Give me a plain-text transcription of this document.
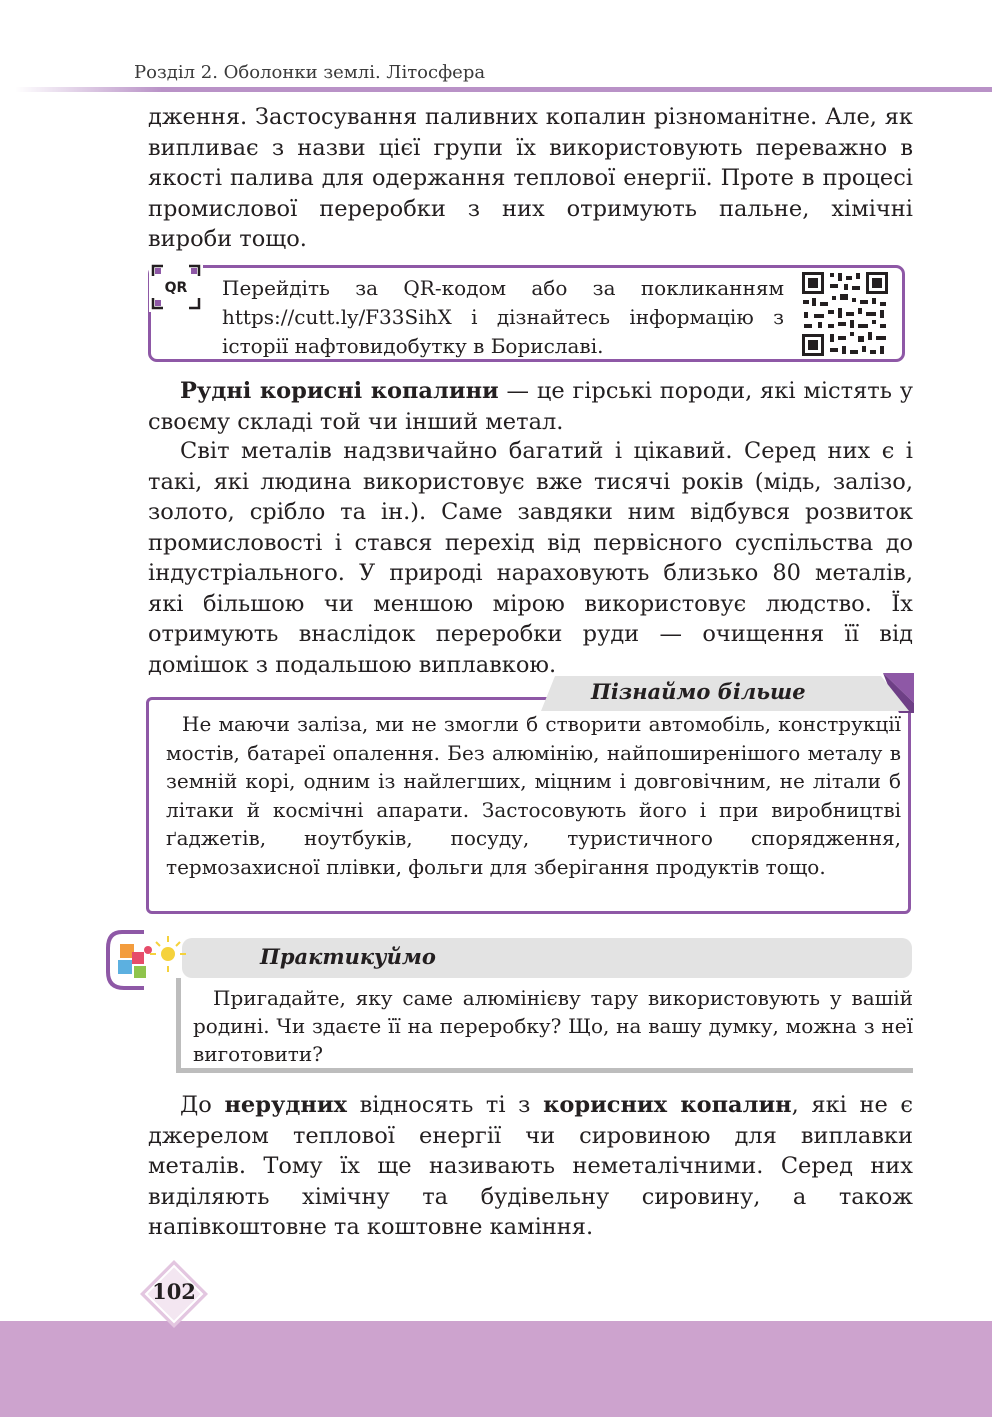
Розділ 2. Оболонки землі. Літосфера

дження. Застосування паливних копалин різноманітне. Але, як випливає з назви цієї групи їх використовують переважно в якості палива для одержання теплової енергії. Проте в процесі промислової переробки з них отримують пальне, хімічні вироби тощо.

QR Перейдіть за QR-кодом або за покликанням https://cutt.ly/F33SihX і дізнайтесь інформацію з історії нафтовидобутку в Бориславі.

Рудні корисні копалини — це гірські породи, які містять у своєму складі той чи інший метал.

Світ металів надзвичайно багатий і цікавий. Серед них є і такі, які людина використовує вже тисячі років (мідь, залізо, золото, срібло та ін.). Саме завдяки ним відбувся розвиток промисловості і стався перехід від первісного суспільства до індустріального. У природі нараховують близько 80 металів, які більшою чи меншою мірою використовує людство. Їх отримують внаслідок переробки руди — очищення її від домішок з подальшою виплавкою.

Пізнаймо більше

Не маючи заліза, ми не змогли б створити автомобіль, конструкції мостів, батареї опалення. Без алюмінію, найпоширенішого металу в земній корі, одним із найлегших, міцним і довговічним, не літали б літаки й космічні апарати. Застосовують його і при виробництві ґаджетів, ноутбуків, посуду, туристичного спорядження, термозахисної плівки, фольги для зберігання продуктів тощо.

Практикуймо

Пригадайте, яку саме алюмінієву тару використовують у вашій родині. Чи здаєте її на переробку? Що, на вашу думку, можна з неї виготовити?

До нерудних відносять ті з корисних копалин, які не є джерелом теплової енергії чи сировиною для виплавки металів. Тому їх ще називають неметалічними. Серед них виділяють хімічну та будівельну сировину, а також напівкоштовне та коштовне каміння.

102
